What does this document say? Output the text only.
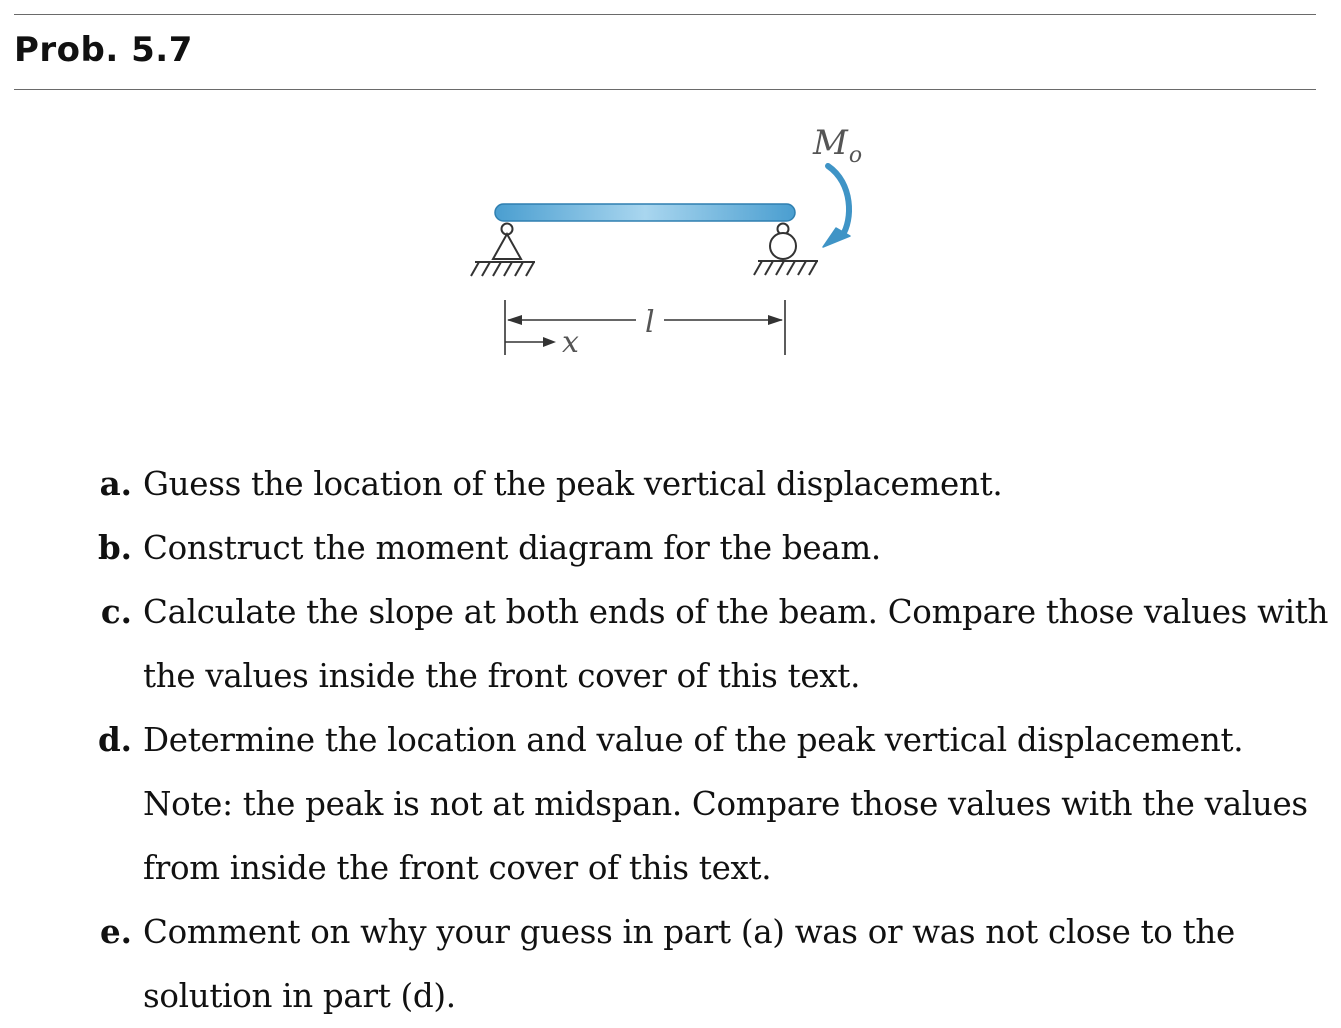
Prob. 5.7
$M_o$
l
x
a. Guess the location of the peak vertical displacement.
b. Construct the moment diagram for the beam.
c. Calculate the slope at both ends of the beam. Compare those values with the values inside the front cover of this text.
d. Determine the location and value of the peak vertical displacement. Note: the peak is not at midspan. Compare those values with the values from inside the front cover of this text.
e. Comment on why your guess in part (a) was or was not close to the solution in part (d).
